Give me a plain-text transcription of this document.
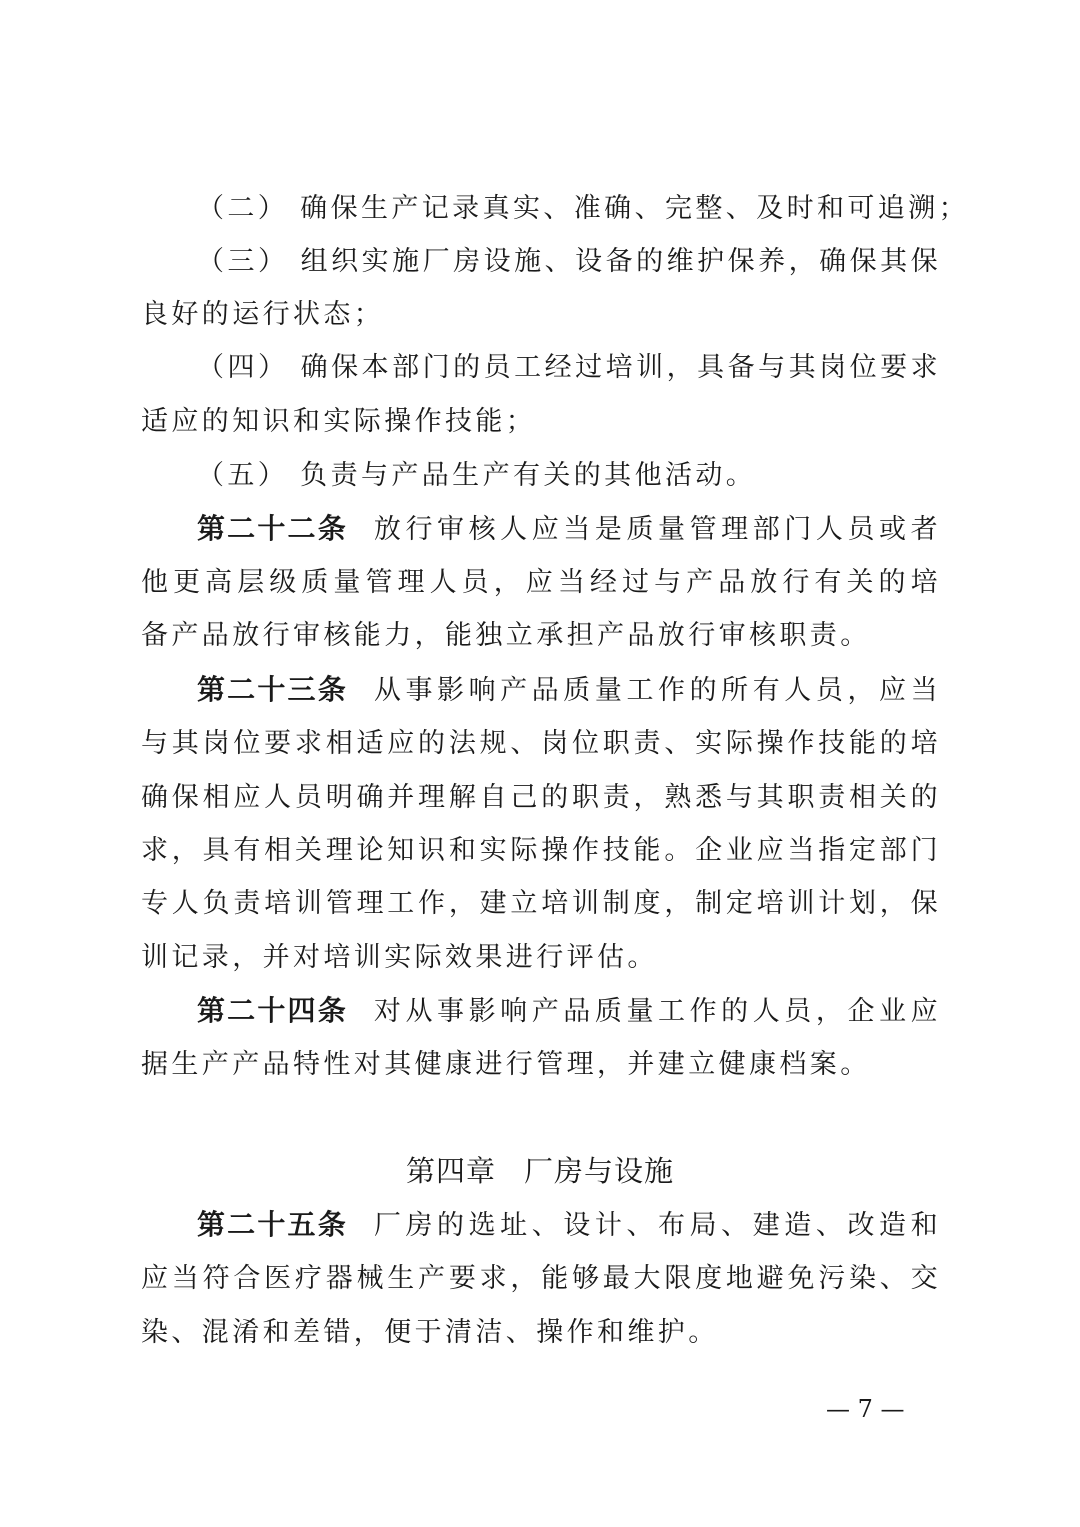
（二） 确保生产记录真实、准确、完整、及时和可追溯；
（三） 组织实施厂房设施、设备的维护保养，确保其保
良好的运行状态；
（四） 确保本部门的员工经过培训，具备与其岗位要求
适应的知识和实际操作技能；
（五） 负责与产品生产有关的其他活动。
第二十二条 放行审核人应当是质量管理部门人员或者
他更高层级质量管理人员，应当经过与产品放行有关的培
备产品放行审核能力，能独立承担产品放行审核职责。
第二十三条 从事影响产品质量工作的所有人员，应当
与其岗位要求相适应的法规、岗位职责、实际操作技能的培
确保相应人员明确并理解自己的职责，熟悉与其职责相关的
求，具有相关理论知识和实际操作技能。企业应当指定部门
专人负责培训管理工作，建立培训制度，制定培训计划，保
训记录，并对培训实际效果进行评估。
第二十四条 对从事影响产品质量工作的人员，企业应
据生产产品特性对其健康进行管理，并建立健康档案。
第四章 厂房与设施
第二十五条 厂房的选址、设计、布局、建造、改造和
应当符合医疗器械生产要求，能够最大限度地避免污染、交
染、混淆和差错，便于清洁、操作和维护。
— 7 —
